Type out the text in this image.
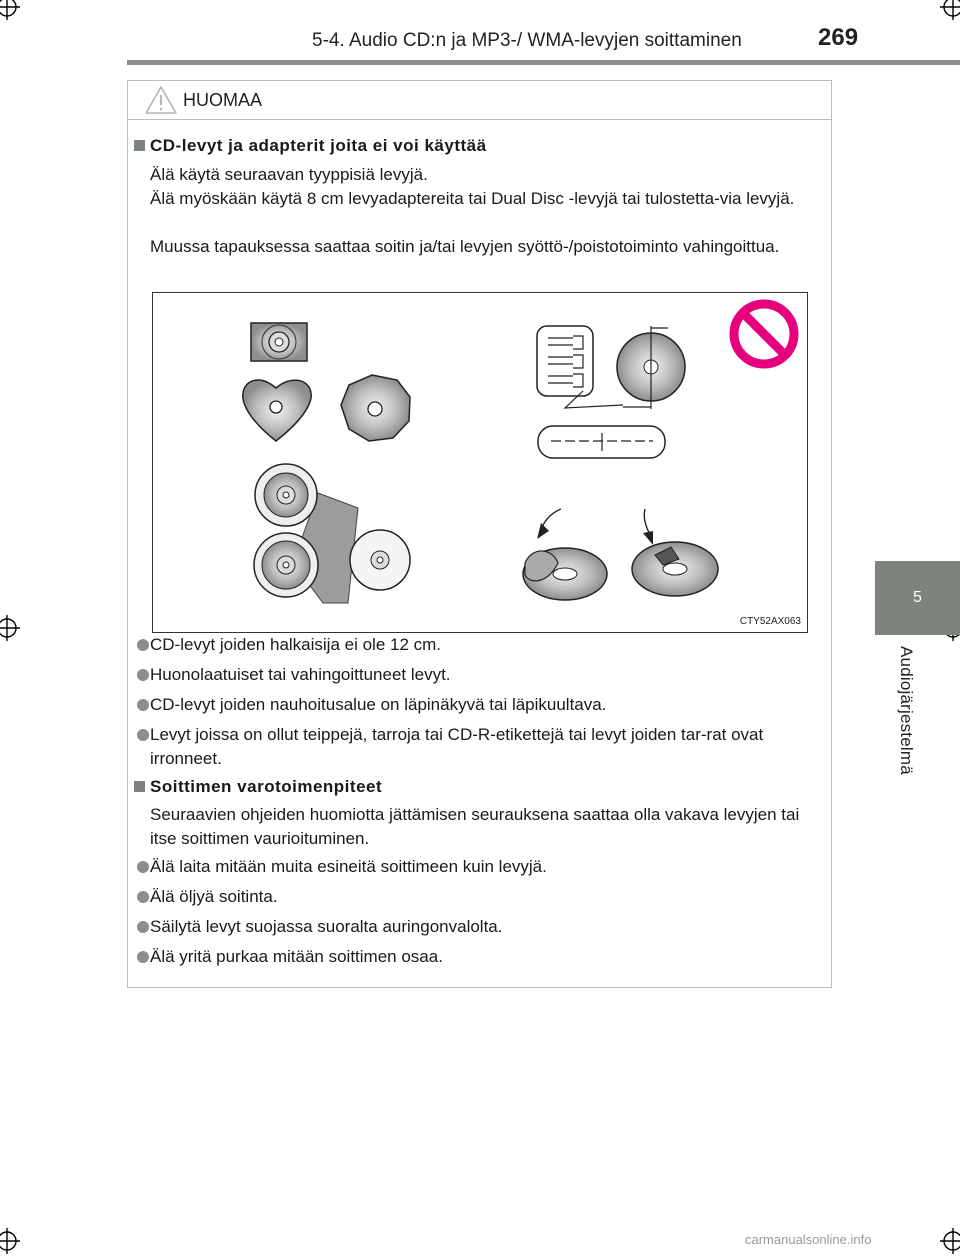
5-4. Audio CD:n ja MP3-/ WMA-levyjen soittaminen	269
5
Audiojärjestelmä
HUOMAA
CD-levyt ja adapterit joita ei voi käyttää
Älä käytä seuraavan tyyppisiä levyjä.
Älä myöskään käytä 8 cm levyadaptereita tai Dual Disc -levyjä tai tulostetta-via levyjä.
Muussa tapauksessa saattaa soitin ja/tai levyjen syöttö-/poistotoiminto vahingoittua.
CD-levyt joiden halkaisija ei ole 12 cm.
Huonolaatuiset tai vahingoittuneet levyt.
CD-levyt joiden nauhoitusalue on läpinäkyvä tai läpikuultava.
Levyt joissa on ollut teippejä, tarroja tai CD-R-etikettejä tai levyt joiden tar-rat ovat irronneet.
Soittimen varotoimenpiteet
Seuraavien ohjeiden huomiotta jättämisen seurauksena saattaa olla vakava levyjen tai itse soittimen vaurioituminen.
Älä laita mitään muita esineitä soittimeen kuin levyjä.
Älä öljyä soitinta.
Säilytä levyt suojassa suoralta auringonvalolta.
Älä yritä purkaa mitään soittimen osaa.
CTY52AX063
carmanualsonline.info
